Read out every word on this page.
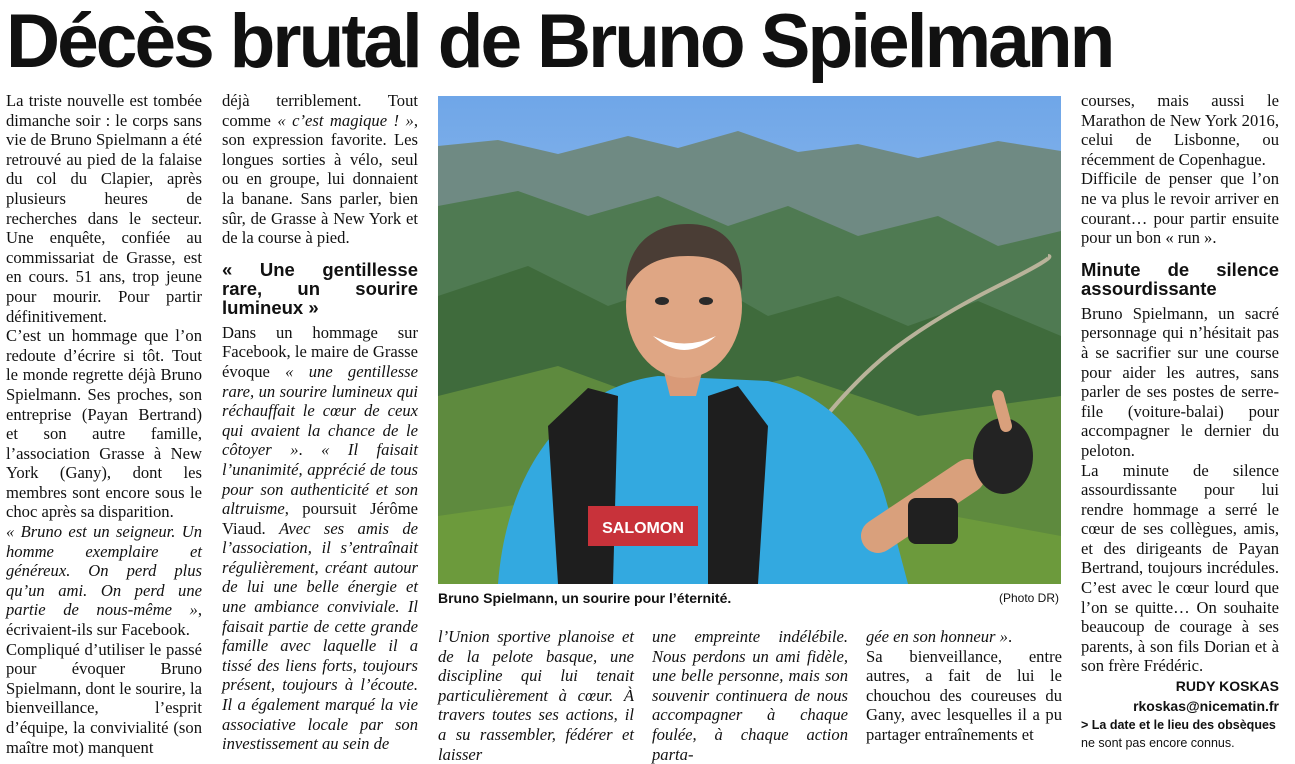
Décès brutal de Bruno Spielmann

La triste nouvelle est tombée dimanche soir : le corps sans vie de Bruno Spielmann a été retrouvé au pied de la falaise du col du Clapier, après plusieurs heures de recherches dans le secteur. Une enquête, confiée au commissariat de Grasse, est en cours. 51 ans, trop jeune pour mourir. Pour partir définitivement.

C’est un hommage que l’on redoute d’écrire si tôt. Tout le monde regrette déjà Bruno Spielmann. Ses proches, son entreprise (Payan Bertrand) et son autre famille, l’association Grasse à New York (Gany), dont les membres sont encore sous le choc après sa disparition.

« Bruno est un seigneur. Un homme exemplaire et généreux. On perd plus qu’un ami. On perd une partie de nous-même », écrivaient-ils sur Facebook.

Compliqué d’utiliser le passé pour évoquer Bruno Spielmann, dont le sourire, la bienveillance, l’esprit d’équipe, la convivialité (son maître mot) manquent

déjà terriblement. Tout comme « c’est magique ! », son expression favorite. Les longues sorties à vélo, seul ou en groupe, lui donnaient la banane. Sans parler, bien sûr, de Grasse à New York et de la course à pied.

« Une gentillesse rare, un sourire lumineux »

Dans un hommage sur Facebook, le maire de Grasse évoque « une gentillesse rare, un sourire lumineux qui réchauffait le cœur de ceux qui avaient la chance de le côtoyer ». « Il faisait l’unanimité, apprécié de tous pour son authenticité et son altruisme, poursuit Jérôme Viaud. Avec ses amis de l’association, il s’entraînait régulièrement, créant autour de lui une belle énergie et une ambiance conviviale. Il faisait partie de cette grande famille avec laquelle il a tissé des liens forts, toujours présent, toujours à l’écoute. Il a également marqué la vie associative locale par son investissement au sein de

SALOMON
Bruno Spielmann, un sourire pour l’éternité.	(Photo DR)

l’Union sportive planoise et de la pelote basque, une discipline qui lui tenait particulièrement à cœur. À travers toutes ses actions, il a su rassembler, fédérer et laisser

une empreinte indélébile. Nous perdons un ami fidèle, une belle personne, mais son souvenir continuera de nous accompagner à chaque foulée, à chaque action parta-

gée en son honneur ».

Sa bienveillance, entre autres, a fait de lui le chouchou des coureuses du Gany, avec lesquelles il a pu partager entraînements et

courses, mais aussi le Marathon de New York 2016, celui de Lisbonne, ou récemment de Copenhague.

Difficile de penser que l’on ne va plus le revoir arriver en courant… pour partir ensuite pour un bon « run ».

Minute de silence assourdissante

Bruno Spielmann, un sacré personnage qui n’hésitait pas à se sacrifier sur une course pour aider les autres, sans parler de ses postes de serre-file (voiture-balai) pour accompagner le dernier du peloton.

La minute de silence assourdissante pour lui rendre hommage a serré le cœur de ses collègues, amis, et des dirigeants de Payan Bertrand, toujours incrédules. C’est avec le cœur lourd que l’on se quitte… On souhaite beaucoup de courage à ses parents, à son fils Dorian et à son frère Frédéric.

RUDY KOSKAS
rkoskas@nicematin.fr
> La date et le lieu des obsèques
ne sont pas encore connus.
